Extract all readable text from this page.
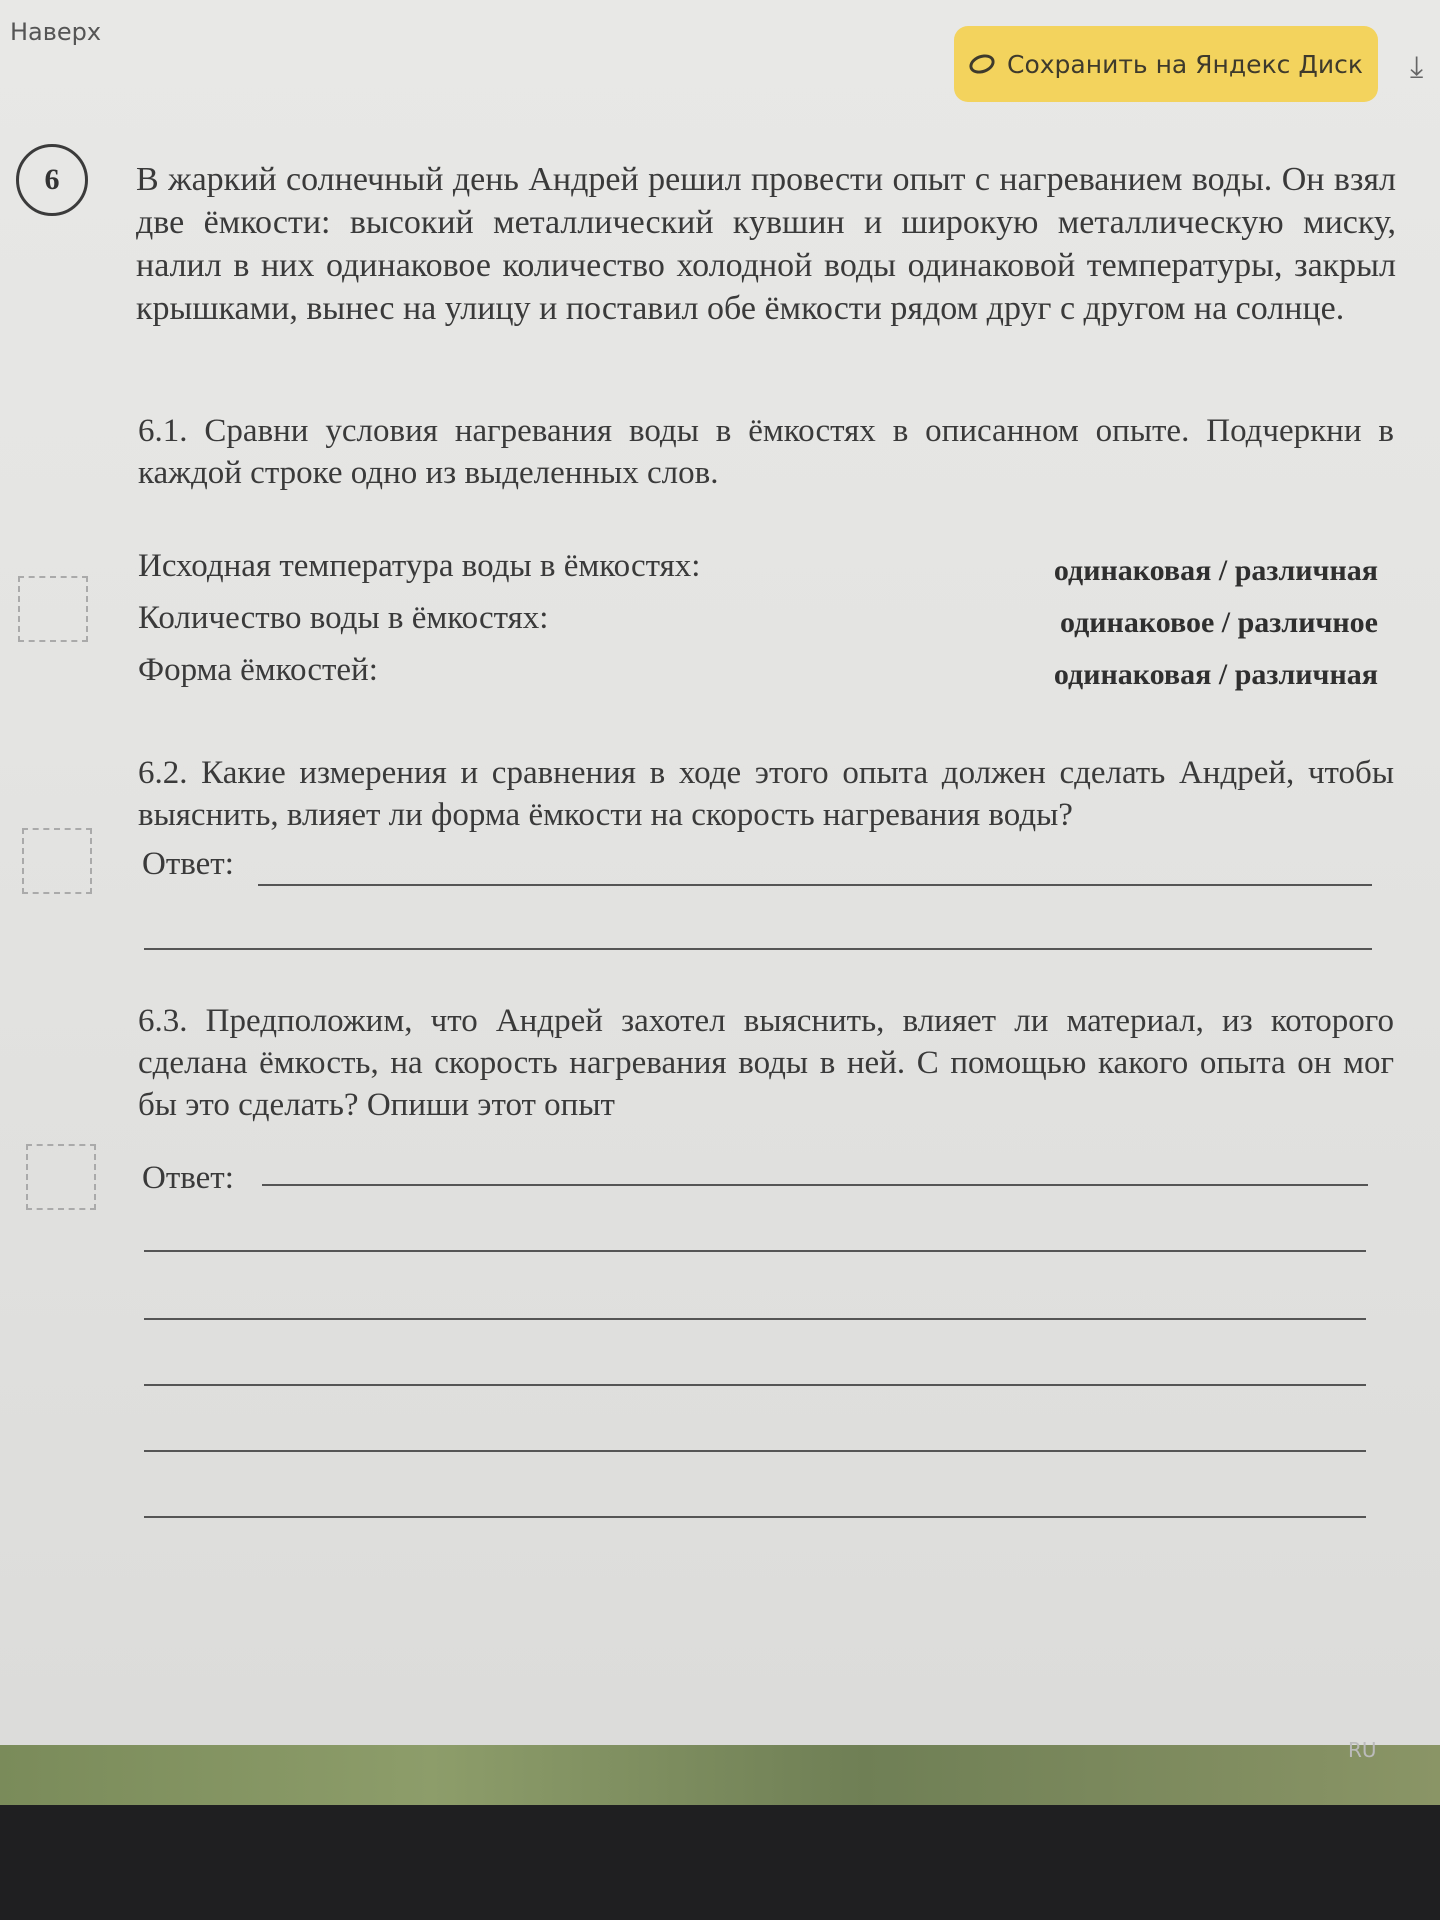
Наверх
Сохранить на Яндекс Диск ⤓
6	В жаркий солнечный день Андрей решил провести опыт с нагреванием воды. Он взял две ёмкости: высокий металлический кувшин и широкую металлическую миску, налил в них одинаковое количество холодной воды одинаковой температуры, закрыл крышками, вынес на улицу и поставил обе ёмкости рядом друг с другом на солнце.
6.1. Сравни условия нагревания воды в ёмкостях в описанном опыте. Подчеркни в каждой строке одно из выделенных слов.
Исходная температура воды в ёмкостях:	одинаковая / различная
Количество воды в ёмкостях:	одинаковое / различное
Форма ёмкостей:	одинаковая / различная
6.2. Какие измерения и сравнения в ходе этого опыта должен сделать Андрей, чтобы выяснить, влияет ли форма ёмкости на скорость нагревания воды?
Ответ:
6.3. Предположим, что Андрей захотел выяснить, влияет ли материал, из которого сделана ёмкость, на скорость нагревания воды в ней. С помощью какого опыта он мог бы это сделать? Опиши этот опыт
Ответ:
RU
